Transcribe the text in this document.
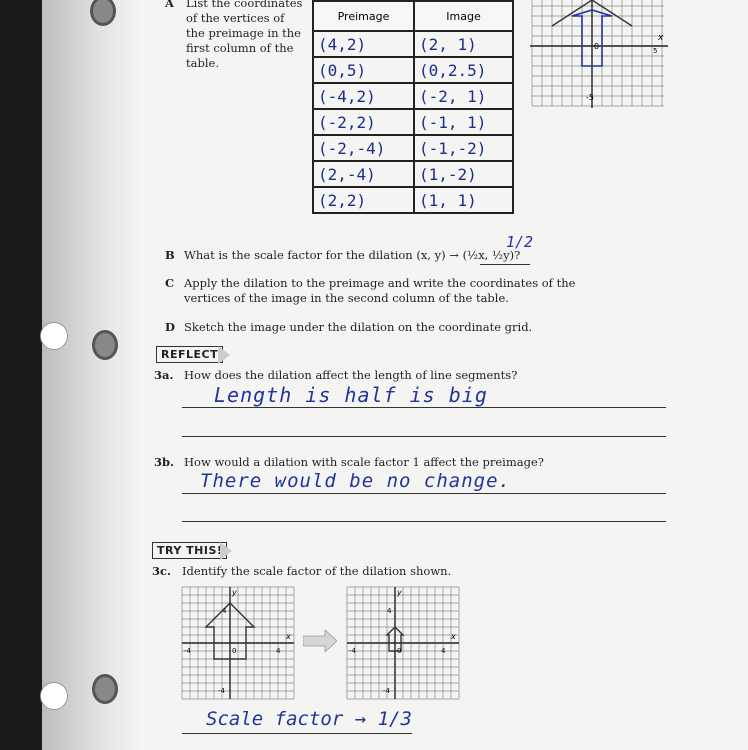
A List the coordinates of the vertices of the preimage in the first column of the table.
Preimage	Image
(4,2)	(2, 1)
(0,5)	(0,2.5)
(-4,2)	(-2, 1)
(-2,2)	(-1, 1)
(-2,-4)	(-1,-2)
(2,-4)	(1,-2)
(2,2)	(1, 1)
0
x
-5
5
B What is the scale factor for the dilation (x, y) → (½x, ½y)?
1/2
C Apply the dilation to the preimage and write the coordinates of the vertices of the image in the second column of the table.
D Sketch the image under the dilation on the coordinate grid.
REFLECT
3a. How does the dilation affect the length of line segments?
Length is half is big
3b. How would a dilation with scale factor 1 affect the preimage?
There would be no change.
TRY THIS!
3c. Identify the scale factor of the dilation shown.
y
x
4
-4
-4	4
0
y
x
4
-4
-4	4
0
Scale factor → 1/3
